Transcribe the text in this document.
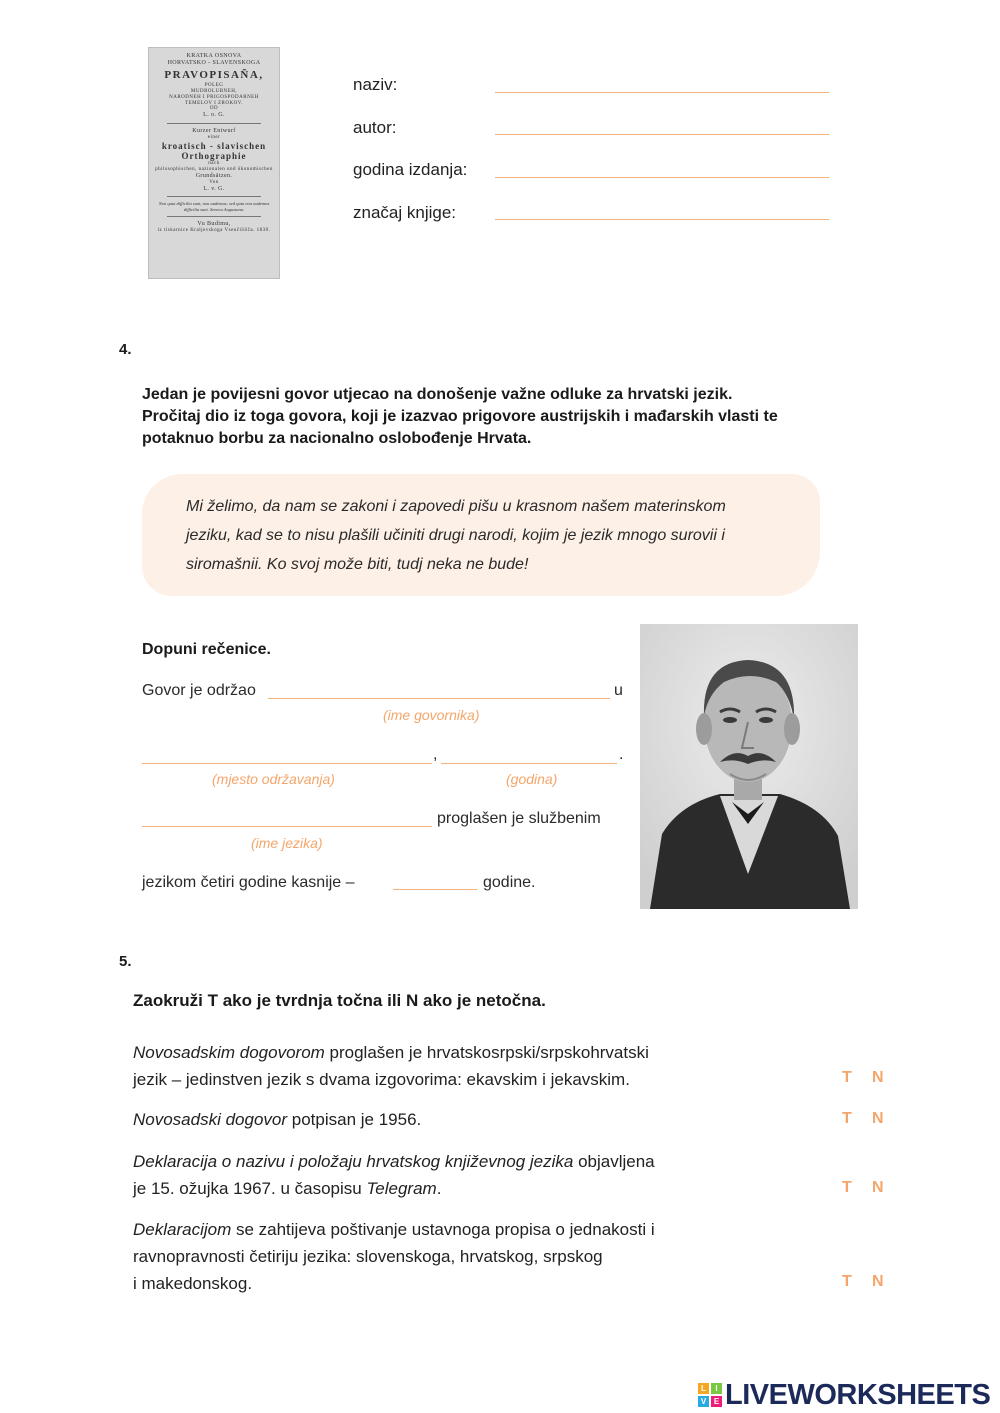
KRATKA OSNOVA
HORVATSKO - SLAVENSKOGA
PRAVOPISAÑA,
POLEG
MUDROLUBNEH,
NARODNEH I PRIGOSPODARNEH
TEMELOV I ZROKOV.
OD
L. o. G.
Kurzer Entwurf
einer
kroatisch - slavischen
Orthographie
nach
philosophischen, nazionalen und ökonomischen
Grundsätzen.
Von
L. v. G.
Non quia difficilia sunt, non audemus; sed quia non audemus difficilia sunt. Seneca Augustana.
Vu Budimu,
iz tiskarnice Kraljevskoga Vseučilišča. 1830.
naziv:
autor:
godina izdanja:
značaj knjige:
4.
Jedan je povijesni govor utjecao na donošenje važne odluke za hrvatski jezik.
Pročitaj dio iz toga govora, koji je izazvao prigovore austrijskih i mađarskih vlasti te
potaknuo borbu za nacionalno oslobođenje Hrvata.
Mi želimo, da nam se zakoni i zapovedi pišu u krasnom našem materinskom
jeziku, kad se to nisu plašili učiniti drugi narodi, kojim je jezik mnogo surovii i
siromašnii. Ko svoj može biti, tudj neka ne bude!
Dopuni rečenice.
Govor je održao	u
(ime govornika)
,	.
(mjesto održavanja)	(godina)
proglašen je službenim
(ime jezika)
jezikom četiri godine kasnije –	godine.
5.
Zaokruži T ako je tvrdnja točna ili N ako je netočna.
Novosadskim dogovorom proglašen je hrvatskosrpski/srpskohrvatski
jezik – jedinstven jezik s dvama izgovorima: ekavskim i jekavskim.	T N
Novosadski dogovor potpisan je 1956.	T N
Deklaracija o nazivu i položaju hrvatskog književnog jezika objavljena
je 15. ožujka 1967. u časopisu Telegram.	T N
Deklaracijom se zahtijeva poštivanje ustavnoga propisa o jednakosti i
ravnopravnosti četiriju jezika: slovenskoga, hrvatskog, srpskog
i makedonskog.	T N
L	I
V E LIVEWORKSHEETS
